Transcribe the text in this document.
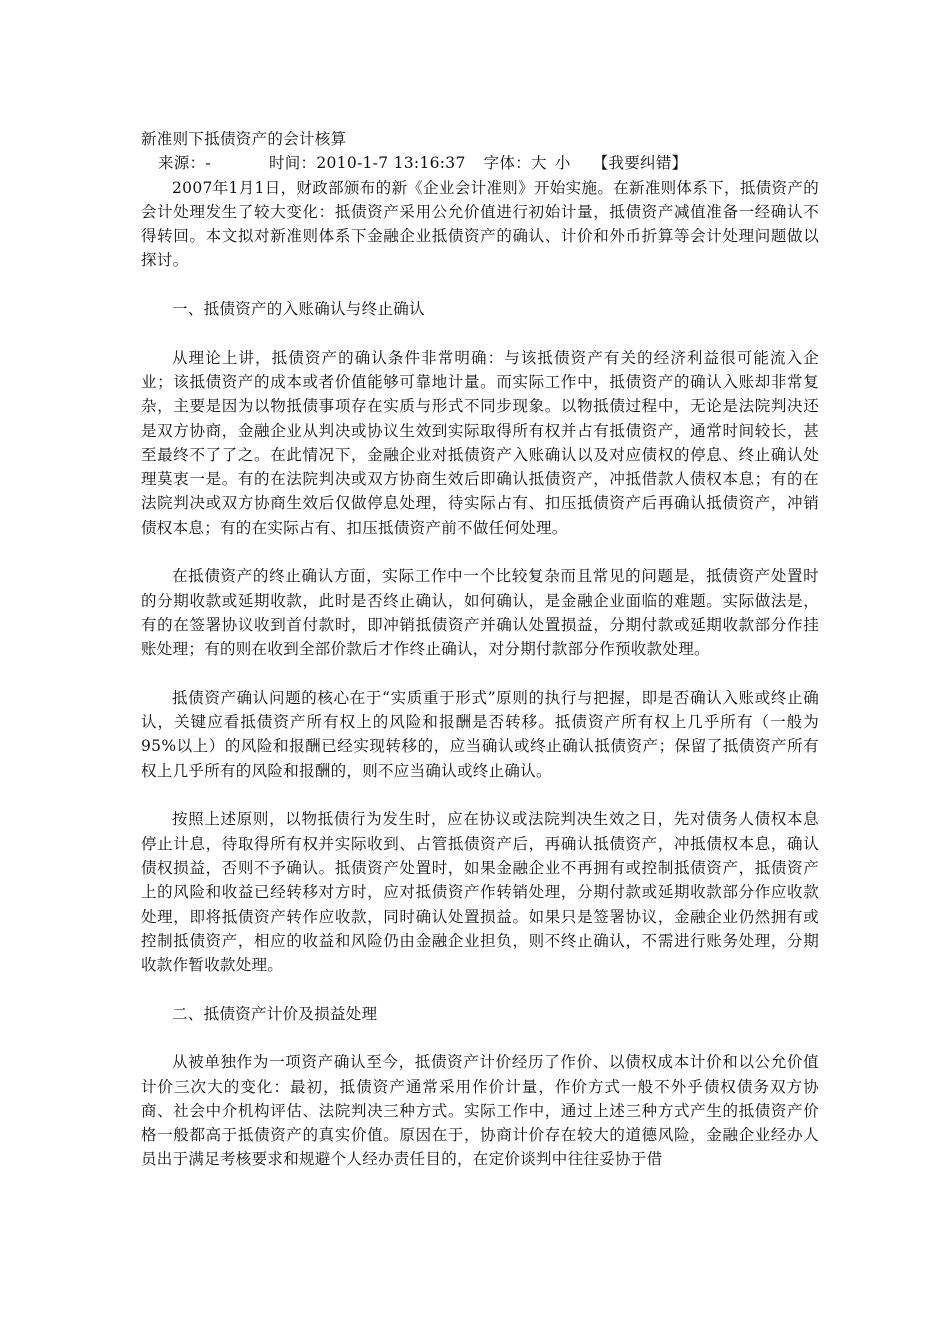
新准则下抵债资产的会计核算

来源：-	时间：2010-1-7 13:16:37 字体：大 小 【我要纠错】

2007年1月1日，财政部颁布的新《企业会计准则》开始实施。在新准则体系下，抵债资产的会计处理发生了较大变化：抵债资产采用公允价值进行初始计量，抵债资产减值准备一经确认不得转回。本文拟对新准则体系下金融企业抵债资产的确认、计价和外币折算等会计处理问题做以探讨。

一、抵债资产的入账确认与终止确认

从理论上讲，抵债资产的确认条件非常明确：与该抵债资产有关的经济利益很可能流入企业；该抵债资产的成本或者价值能够可靠地计量。而实际工作中，抵债资产的确认入账却非常复杂，主要是因为以物抵债事项存在实质与形式不同步现象。以物抵债过程中，无论是法院判决还是双方协商，金融企业从判决或协议生效到实际取得所有权并占有抵债资产，通常时间较长，甚至最终不了了之。在此情况下，金融企业对抵债资产入账确认以及对应债权的停息、终止确认处理莫衷一是。有的在法院判决或双方协商生效后即确认抵债资产，冲抵借款人债权本息；有的在法院判决或双方协商生效后仅做停息处理，待实际占有、扣压抵债资产后再确认抵债资产，冲销债权本息；有的在实际占有、扣压抵债资产前不做任何处理。

在抵债资产的终止确认方面，实际工作中一个比较复杂而且常见的问题是，抵债资产处置时的分期收款或延期收款，此时是否终止确认，如何确认，是金融企业面临的难题。实际做法是，有的在签署协议收到首付款时，即冲销抵债资产并确认处置损益，分期付款或延期收款部分作挂账处理；有的则在收到全部价款后才作终止确认，对分期付款部分作预收款处理。

抵债资产确认问题的核心在于“实质重于形式”原则的执行与把握，即是否确认入账或终止确认，关键应看抵债资产所有权上的风险和报酬是否转移。抵债资产所有权上几乎所有（一般为95%以上）的风险和报酬已经实现转移的，应当确认或终止确认抵债资产；保留了抵债资产所有权上几乎所有的风险和报酬的，则不应当确认或终止确认。

按照上述原则，以物抵债行为发生时，应在协议或法院判决生效之日，先对债务人债权本息停止计息，待取得所有权并实际收到、占管抵债资产后，再确认抵债资产，冲抵债权本息，确认债权损益，否则不予确认。抵债资产处置时，如果金融企业不再拥有或控制抵债资产，抵债资产上的风险和收益已经转移对方时，应对抵债资产作转销处理，分期付款或延期收款部分作应收款处理，即将抵债资产转作应收款，同时确认处置损益。如果只是签署协议，金融企业仍然拥有或控制抵债资产，相应的收益和风险仍由金融企业担负，则不终止确认，不需进行账务处理，分期收款作暂收款处理。

二、抵债资产计价及损益处理

从被单独作为一项资产确认至今，抵债资产计价经历了作价、以债权成本计价和以公允价值计价三次大的变化：最初，抵债资产通常采用作价计量，作价方式一般不外乎债权债务双方协商、社会中介机构评估、法院判决三种方式。实际工作中，通过上述三种方式产生的抵债资产价格一般都高于抵债资产的真实价值。原因在于，协商计价存在较大的道德风险，金融企业经办人员出于满足考核要求和规避个人经办责任目的，在定价谈判中往往妥协于借
